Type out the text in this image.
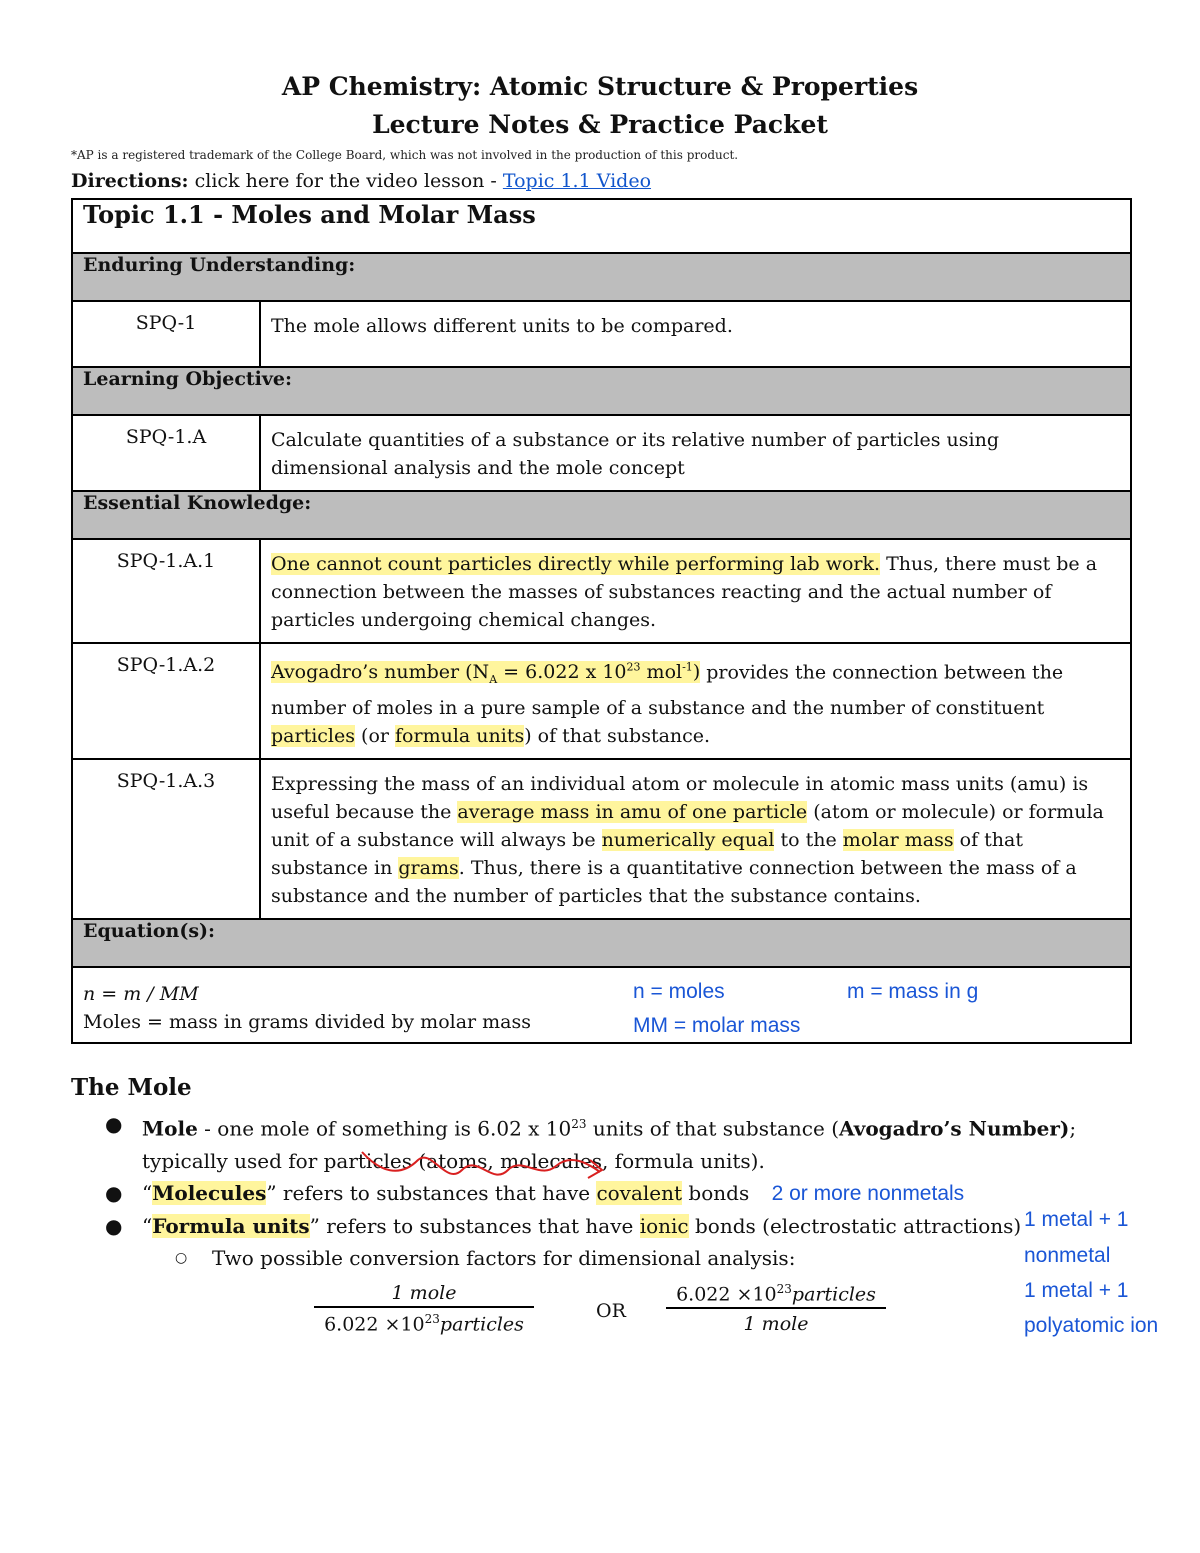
AP Chemistry: Atomic Structure & Properties
Lecture Notes & Practice Packet
*AP is a registered trademark of the College Board, which was not involved in the production of this product.
Directions: click here for the video lesson - Topic 1.1 Video
Topic 1.1 - Moles and Molar Mass	
Enduring Understanding:	
SPQ-1	The mole allows different units to be compared.
Learning Objective:	
SPQ-1.A	Calculate quantities of a substance or its relative number of particles using dimensional analysis and the mole concept
Essential Knowledge:	
SPQ-1.A.1	One cannot count particles directly while performing lab work. Thus, there must be a connection between the masses of substances reacting and the actual number of particles undergoing chemical changes.
SPQ-1.A.2	Avogadro’s number ($N_A = 6.022$ x $10^{23}$ mol$^{-1}$) provides the connection between the number of moles in a pure sample of a substance and the number of constituent particles (or formula units) of that substance.
SPQ-1.A.3	Expressing the mass of an individual atom or molecule in atomic mass units (amu) is useful because the average mass in amu of one particle (atom or molecule) or formula unit of a substance will always be numerically equal to the molar mass of that substance in grams. Thus, there is a quantitative connection between the mass of a substance and the number of particles that the substance contains.
Equation(s):	

n = m / MM
Moles = mass in grams divided by molar mass
n = moles m = mass in g
MM = molar mass	
The Mole
● Mole - one mole of something is 6.02 x $10^{23}$ units of that substance (Avogadro’s Number);
typically used for particles (atoms, molecules, formula units).
● “Molecules” refers to substances that have covalent bonds 2 or more nonmetals
● “Formula units” refers to substances that have ionic bonds (electrostatic attractions)
○ Two possible conversion factors for dimensional analysis:
1 metal + 1
nonmetal
1 metal + 1
polyatomic ion
1 mole
$6.022 \times 10^{23}particles$
OR
$6.022 \times 10^{23}particles$
1 mole
